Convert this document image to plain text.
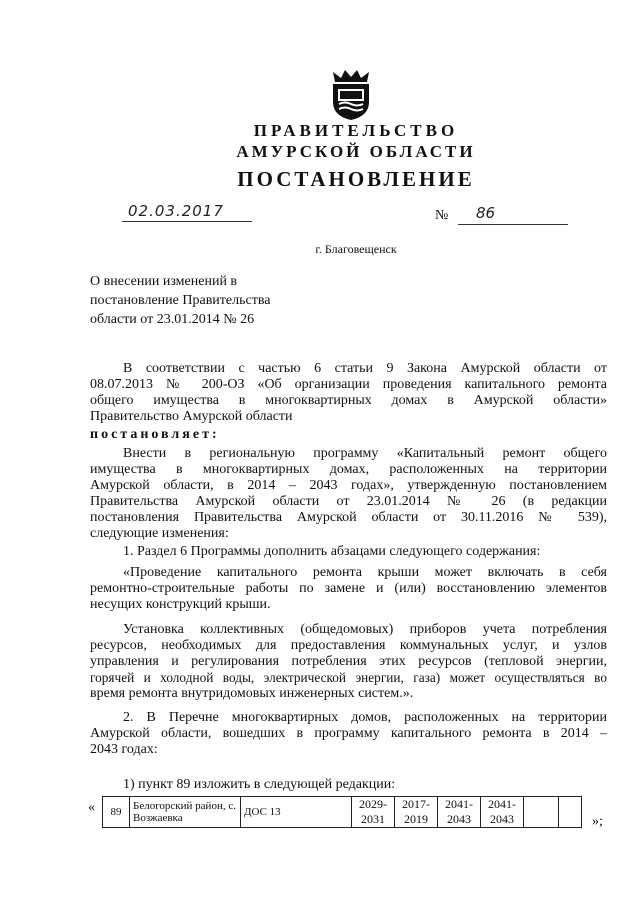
ПРАВИТЕЛЬСТВО
АМУРСКОЙ ОБЛАСТИ
ПОСТАНОВЛЕНИЕ
02.03.2017	№ 86
г. Благовещенск
О внесении изменений в
постановление Правительства
области от 23.01.2014 № 26
В соответствии с частью 6 статьи 9 Закона Амурской области от
08.07.2013 № 200-ОЗ «Об организации проведения капитального ремонта
общего имущества в многоквартирных домах в Амурской области»
Правительство Амурской области
постановляет:
Внести в региональную программу «Капитальный ремонт общего
имущества в многоквартирных домах, расположенных на территории
Амурской области, в 2014 – 2043 годах», утвержденную постановлением
Правительства Амурской области от 23.01.2014 № 26 (в редакции
постановления Правительства Амурской области от 30.11.2016 № 539),
следующие изменения:
1. Раздел 6 Программы дополнить абзацами следующего содержания:
«Проведение капитального ремонта крыши может включать в себя
ремонтно-строительные работы по замене и (или) восстановлению элементов
несущих конструкций крыши.
Установка коллективных (общедомовых) приборов учета потребления
ресурсов, необходимых для предоставления коммунальных услуг, и узлов
управления и регулирования потребления этих ресурсов (тепловой энергии,
горячей и холодной воды, электрической энергии, газа) может осуществляться во
время ремонта внутридомовых инженерных систем.».
2. В Перечне многоквартирных домов, расположенных на территории
Амурской области, вошедших в программу капитального ремонта в 2014 –
2043 годах:
1) пункт 89 изложить в следующей редакции:
« 89	Белогорский район, с. Возжаевка	ДОС 13	2029-2031	2017-2019	2041-2043	2041-2043			»;
